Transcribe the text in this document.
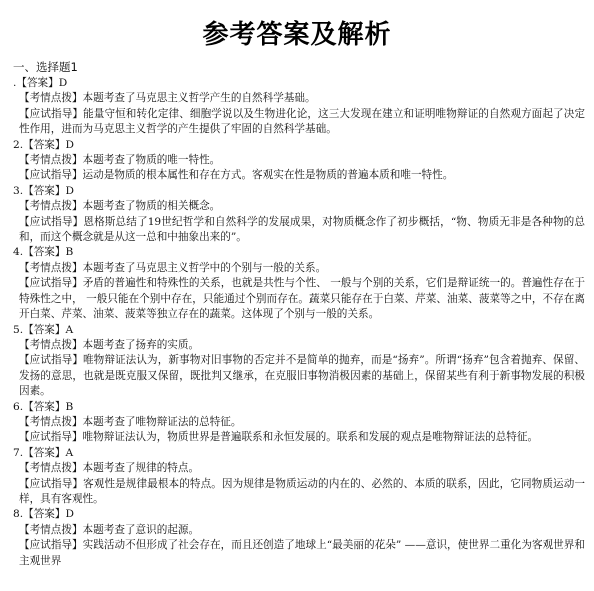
参考答案及解析
一、选择题1
.【答案】D
【考情点拨】本题考查了马克思主义哲学产生的自然科学基础。
【应试指导】能量守恒和转化定律、细胞学说以及生物进化论，这三大发现在建立和证明唯物辩证的自然观方面起了决定性作用，进而为马克思主义哲学的产生提供了牢固的自然科学基础。
2.【答案】D
【考情点拨】本题考查了物质的唯一特性。
【应试指导】运动是物质的根本属性和存在方式。客观实在性是物质的普遍本质和唯一特性。
3.【答案】D
【考情点拨】本题考查了物质的相关概念。
【应试指导】恩格斯总结了19世纪哲学和自然科学的发展成果，对物质概念作了初步概括，“物、物质无非是各种物的总和，而这个概念就是从这一总和中抽象出来的”。
4.【答案】B
【考情点拨】本题考查了马克思主义哲学中的个别与一般的关系。
【应试指导】矛盾的普遍性和特殊性的关系，也就是共性与个性、 一般与个别的关系，它们是辩证统一的。普遍性存在于特殊性之中， 一般只能在个别中存在，只能通过个别而存在。蔬菜只能存在于白菜、芹菜、油菜、菠菜等之中，不存在离开白菜、芹菜、油菜、菠菜等独立存在的蔬菜。这体现了个别与一般的关系。
5.【答案】A
【考情点拨】本题考查了扬弃的实质。
【应试指导】唯物辩证法认为，新事物对旧事物的否定并不是简单的抛弃，而是“扬弃”。所谓“扬弃”包含着抛弃、保留、发扬的意思，也就是既克服又保留，既批判又继承，在克服旧事物消极因素的基础上，保留某些有利于新事物发展的积极因素。
6.【答案】B
【考情点拨】本题考查了唯物辩证法的总特征。
【应试指导】唯物辩证法认为，物质世界是普遍联系和永恒发展的。联系和发展的观点是唯物辩证法的总特征。
7.【答案】A
【考情点拨】本题考查了规律的特点。
【应试指导】客观性是规律最根本的特点。因为规律是物质运动的内在的、必然的、本质的联系，因此，它同物质运动一样，具有客观性。
8.【答案】D
【考情点拨】本题考查了意识的起源。
【应试指导】实践活动不但形成了社会存在，而且还创造了地球上“最美丽的花朵” ——意识，使世界二重化为客观世界和主观世界
